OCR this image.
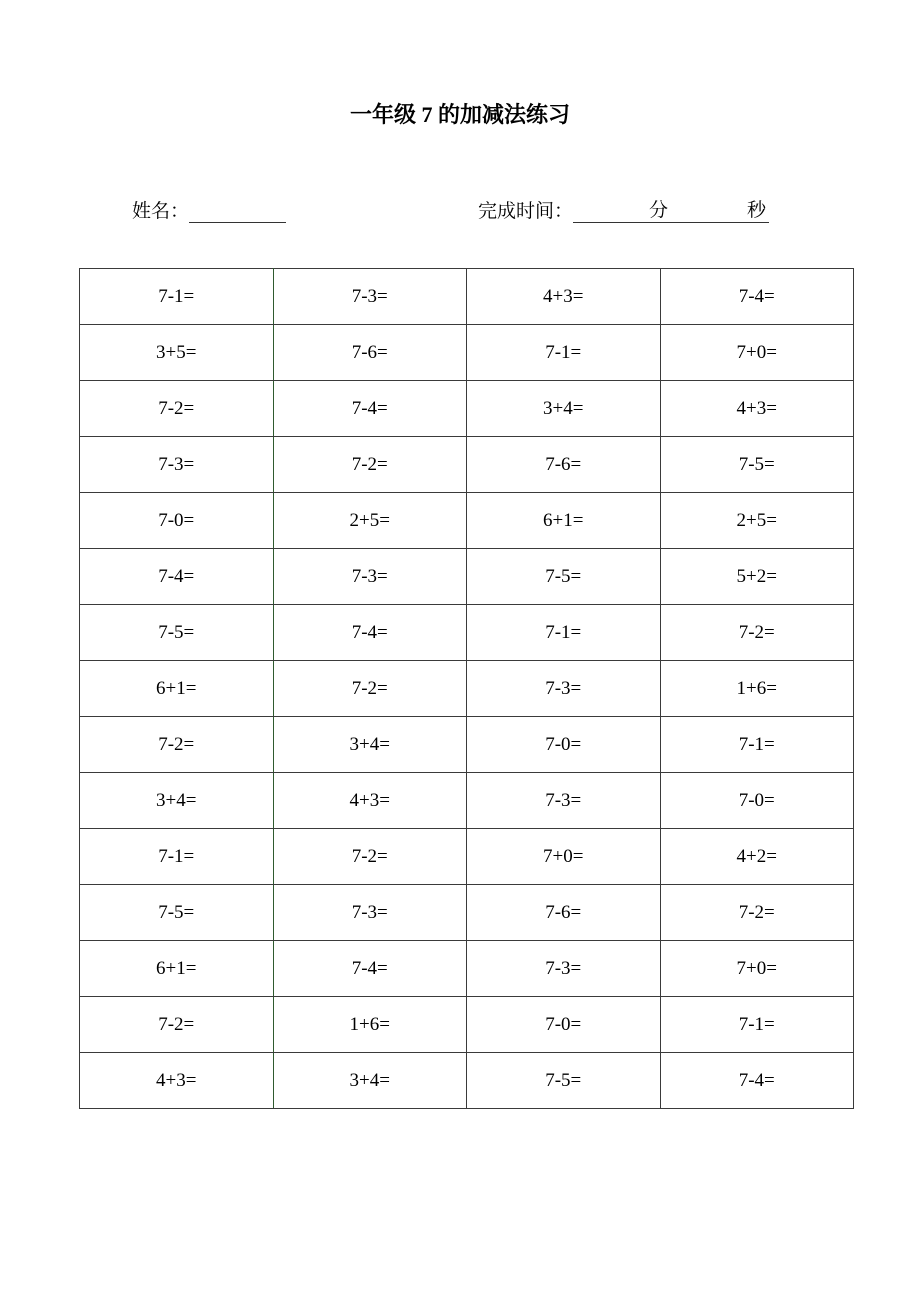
一年级 7 的加减法练习
姓名：	完成时间：	分	秒
7-1=	7-3=	4+3=	7-4=
3+5=	7-6=	7-1=	7+0=
7-2=	7-4=	3+4=	4+3=
7-3=	7-2=	7-6=	7-5=
7-0=	2+5=	6+1=	2+5=
7-4=	7-3=	7-5=	5+2=
7-5=	7-4=	7-1=	7-2=
6+1=	7-2=	7-3=	1+6=
7-2=	3+4=	7-0=	7-1=
3+4=	4+3=	7-3=	7-0=
7-1=	7-2=	7+0=	4+2=
7-5=	7-3=	7-6=	7-2=
6+1=	7-4=	7-3=	7+0=
7-2=	1+6=	7-0=	7-1=
4+3=	3+4=	7-5=	7-4=
